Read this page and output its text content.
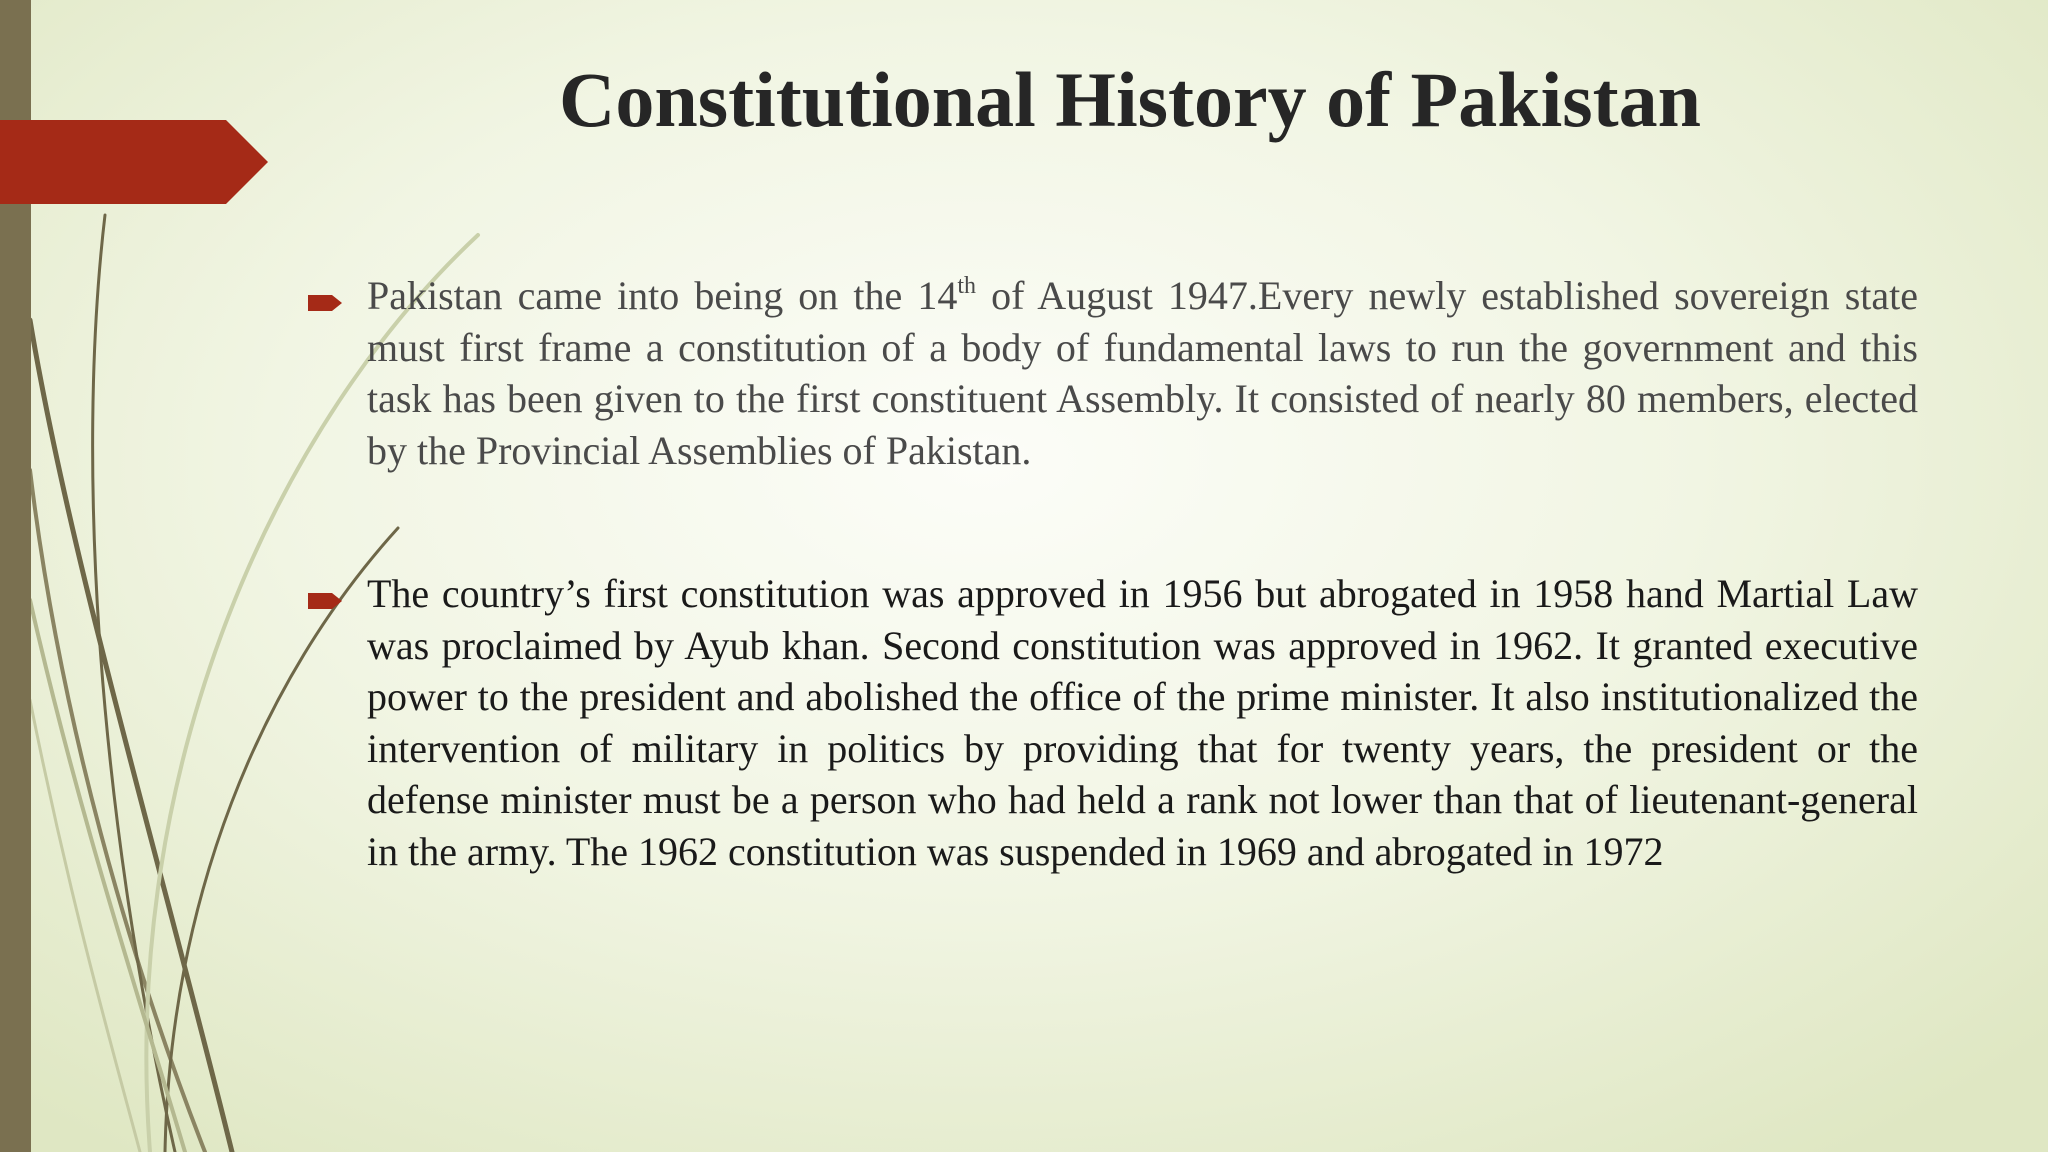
Constitutional History of Pakistan

Pakistan came into being on the 14th of August 1947.Every newly established sovereign state must first frame a constitution of a body of fundamental laws to run the government and this task has been given to the first constituent Assembly. It consisted of nearly 80 members, elected by the Provincial Assemblies of Pakistan.

The country’s first constitution was approved in 1956 but abrogated in 1958 hand Martial Law was proclaimed by Ayub khan. Second constitution was approved in 1962. It granted executive power to the president and abolished the office of the prime minister. It also institutionalized the intervention of military in politics by providing that for twenty years, the president or the defense minister must be a person who had held a rank not lower than that of lieutenant-general in the army. The 1962 constitution was suspended in 1969 and abrogated in 1972
